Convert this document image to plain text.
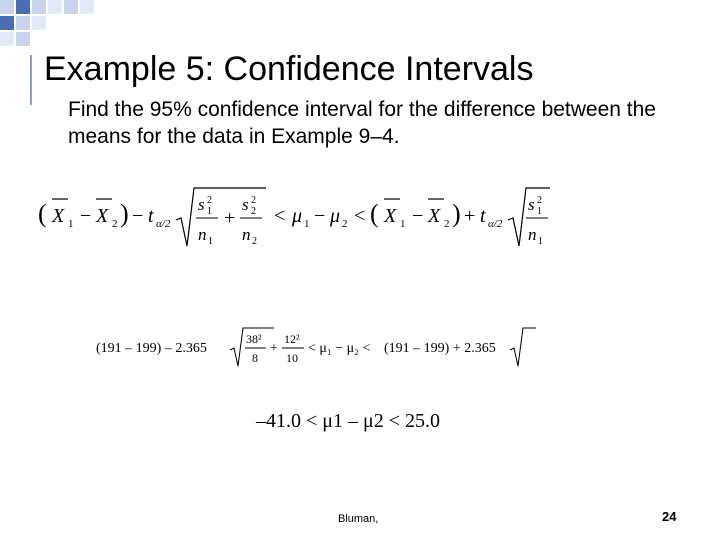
Example 5: Confidence Intervals
Find the 95% confidence interval for the difference between the means for the data in Example 9–4.
( X 1 − X 2 ) − t α/2
s 2
1
n 1
+
s 2
2
n 2
< μ 1 − μ 2 < ( X 1 − X 2 ) + t α/2
s 2
1
n 1
(191 – 199) – 2.365
38²
8
+
12²
10
< μ₁ − μ₂ < (191 – 199) + 2.365
–41.0 < μ1 – μ2 < 25.0
Bluman,	24
